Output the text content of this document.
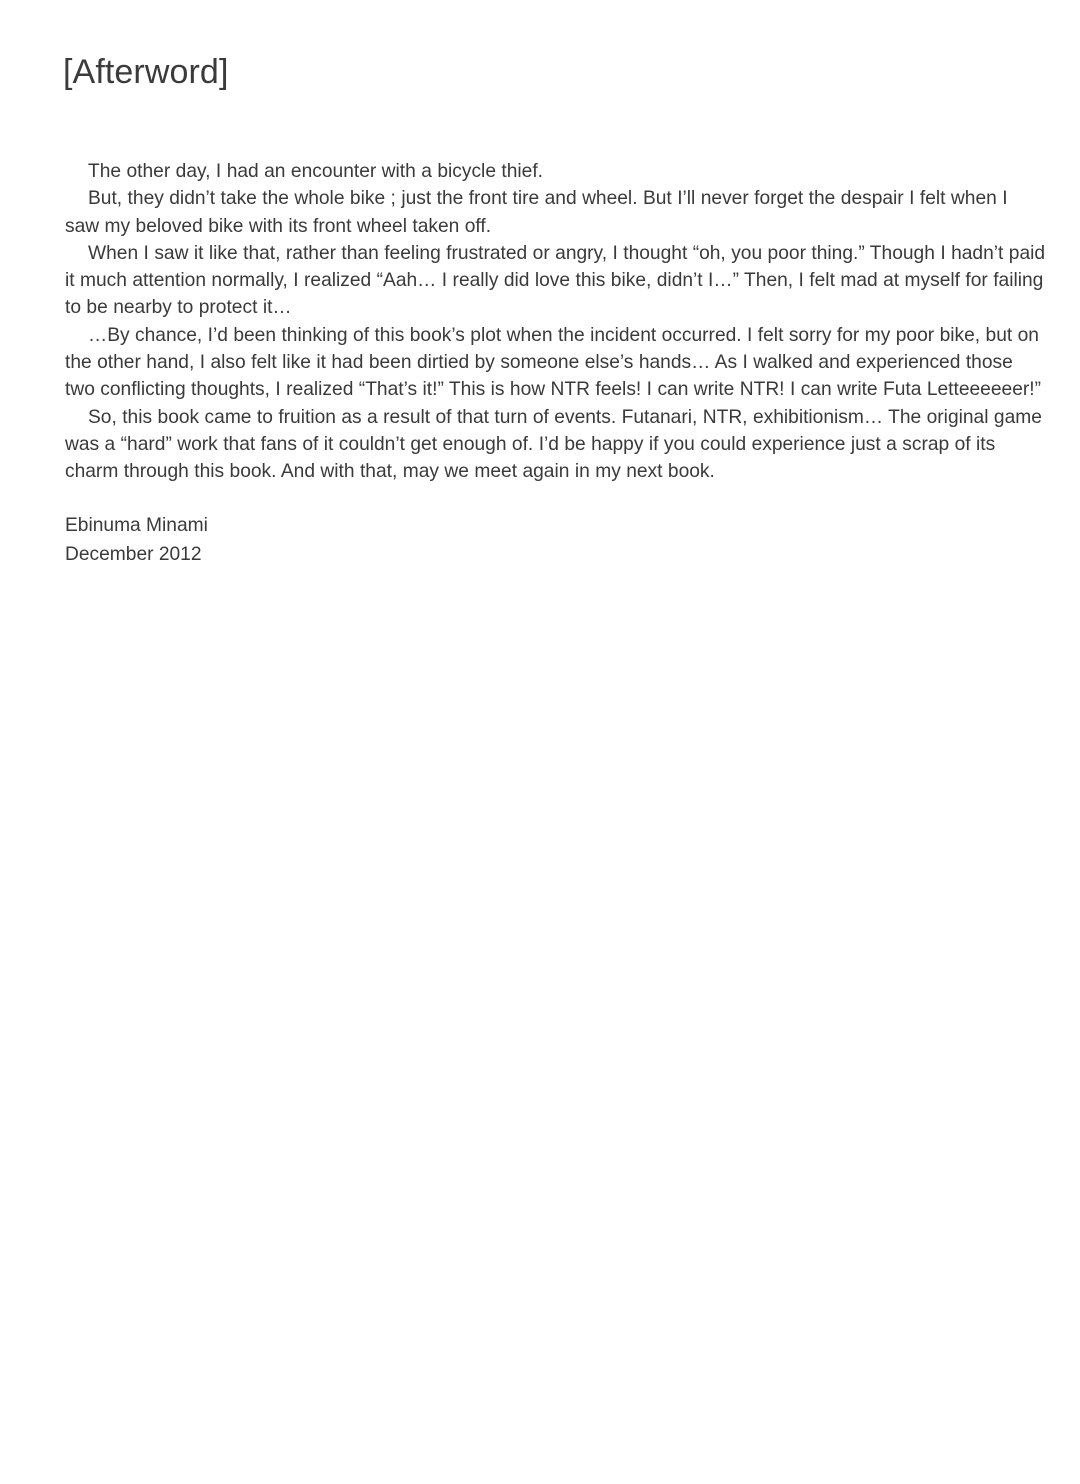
[Afterword]

The other day, I had an encounter with a bicycle thief.

But, they didn’t take the whole bike ; just the front tire and wheel. But I’ll never forget the despair I felt when I saw my beloved bike with its front wheel taken off.

When I saw it like that, rather than feeling frustrated or angry, I thought “oh, you poor thing.” Though I hadn’t paid it much attention normally, I realized “Aah… I really did love this bike, didn’t I…” Then, I felt mad at myself for failing to be nearby to protect it…

…By chance, I’d been thinking of this book’s plot when the incident occurred. I felt sorry for my poor bike, but on the other hand, I also felt like it had been dirtied by someone else’s hands… As I walked and experienced those two conflicting thoughts, I realized “That’s it!” This is how NTR feels! I can write NTR! I can write Futa Letteeeeeer!”

So, this book came to fruition as a result of that turn of events. Futanari, NTR, exhibitionism… The original game was a “hard” work that fans of it couldn’t get enough of. I’d be happy if you could experience just a scrap of its charm through this book. And with that, may we meet again in my next book.

Ebinuma Minami

December 2012
